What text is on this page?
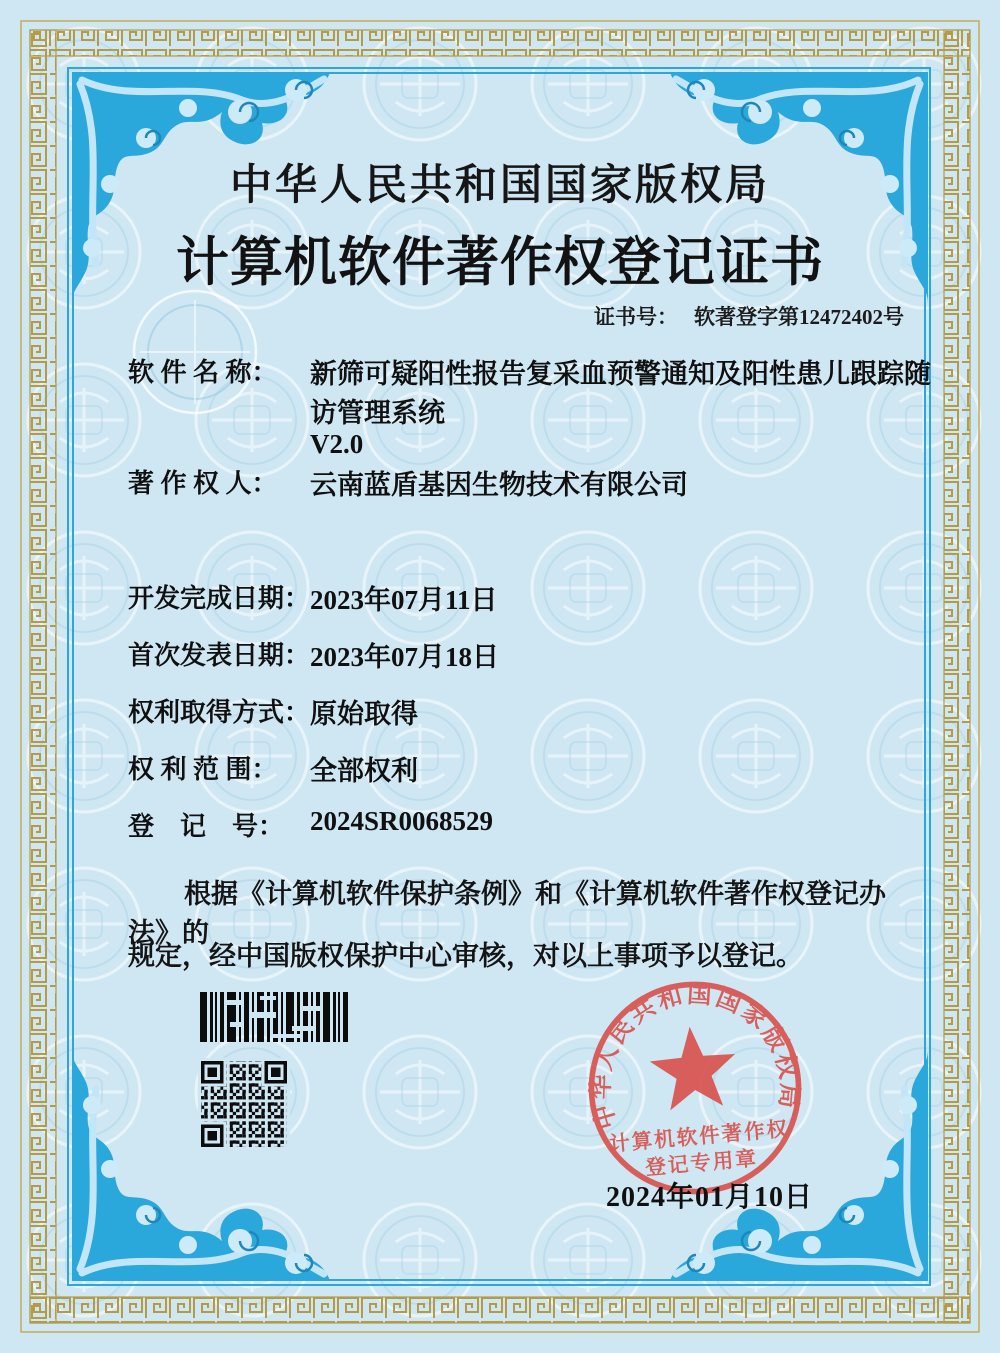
中华人民共和国国家版权局
计算机软件著作权登记证书
证书号： 软著登字第12472402号
软 件 名 称： 新筛可疑阳性报告复采血预警通知及阳性患儿跟踪随
访管理系统
V2.0
著 作 权 人： 云南蓝盾基因生物技术有限公司
开发完成日期： 2023年07月11日
首次发表日期： 2023年07月18日
权利取得方式： 原始取得
权 利 范 围： 全部权利
登　记　号： 2024SR0068529
根据《计算机软件保护条例》和《计算机软件著作权登记办法》的
规定，经中国版权保护中心审核，对以上事项予以登记。
中华人民共和国国家版权局
计算机软件著作权
登记专用章
2024年01月10日
